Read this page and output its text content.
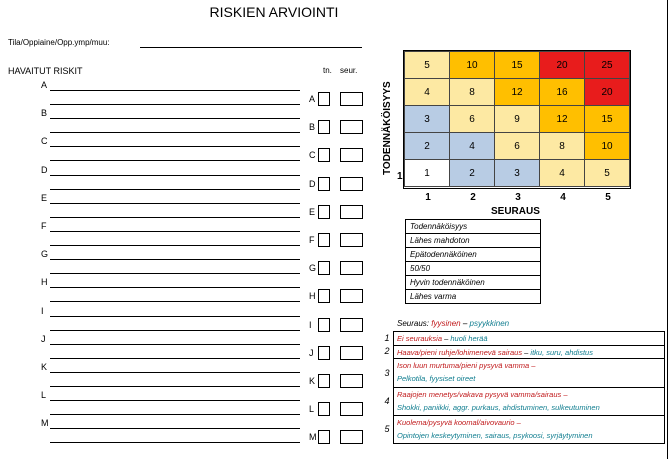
RISKIEN ARVIOINTI
Tila/Oppiaine/Opp.ymp/muu:
HAVAITUT RISKIT	tn. seur.
A
A
B
B
C
C
D
D
E
E
F
F
G
G
H
H
I
I
J
J
K
K
L
L
M
M
5	10	15	20	25
4	8	12	16	20
3	6	9	12	15
2	4	6	8	10
1	2	3	4	5
TODENNÄKÖISYYS
1
1	2	3	4	5
SEURAUS
Todennäköisyys
Lähes mahdoton
Epätodennäköinen
50/50
Hyvin todennäköinen
Lähes varma
Seuraus: fyysinen – psyykkinen
1	Ei seurauksia – huoli herää
2	Haava/pieni ruhje/lohimenevä sairaus – itku, suru, ahdistus
3
Ison luun murtuma/pieni pysyvä vamma –
Pelkotila, fyysiset oireet
4
Raajojen menetys/vakava pysyvä vamma/sairaus –
Shokki, paniikki, aggr. purkaus, ahdistuminen, sulkeutuminen
5
Kuolema/pysyvä koomal/aivovaurio –
Opintojen keskeytyminen, sairaus, psykoosi, syrjäytyminen
